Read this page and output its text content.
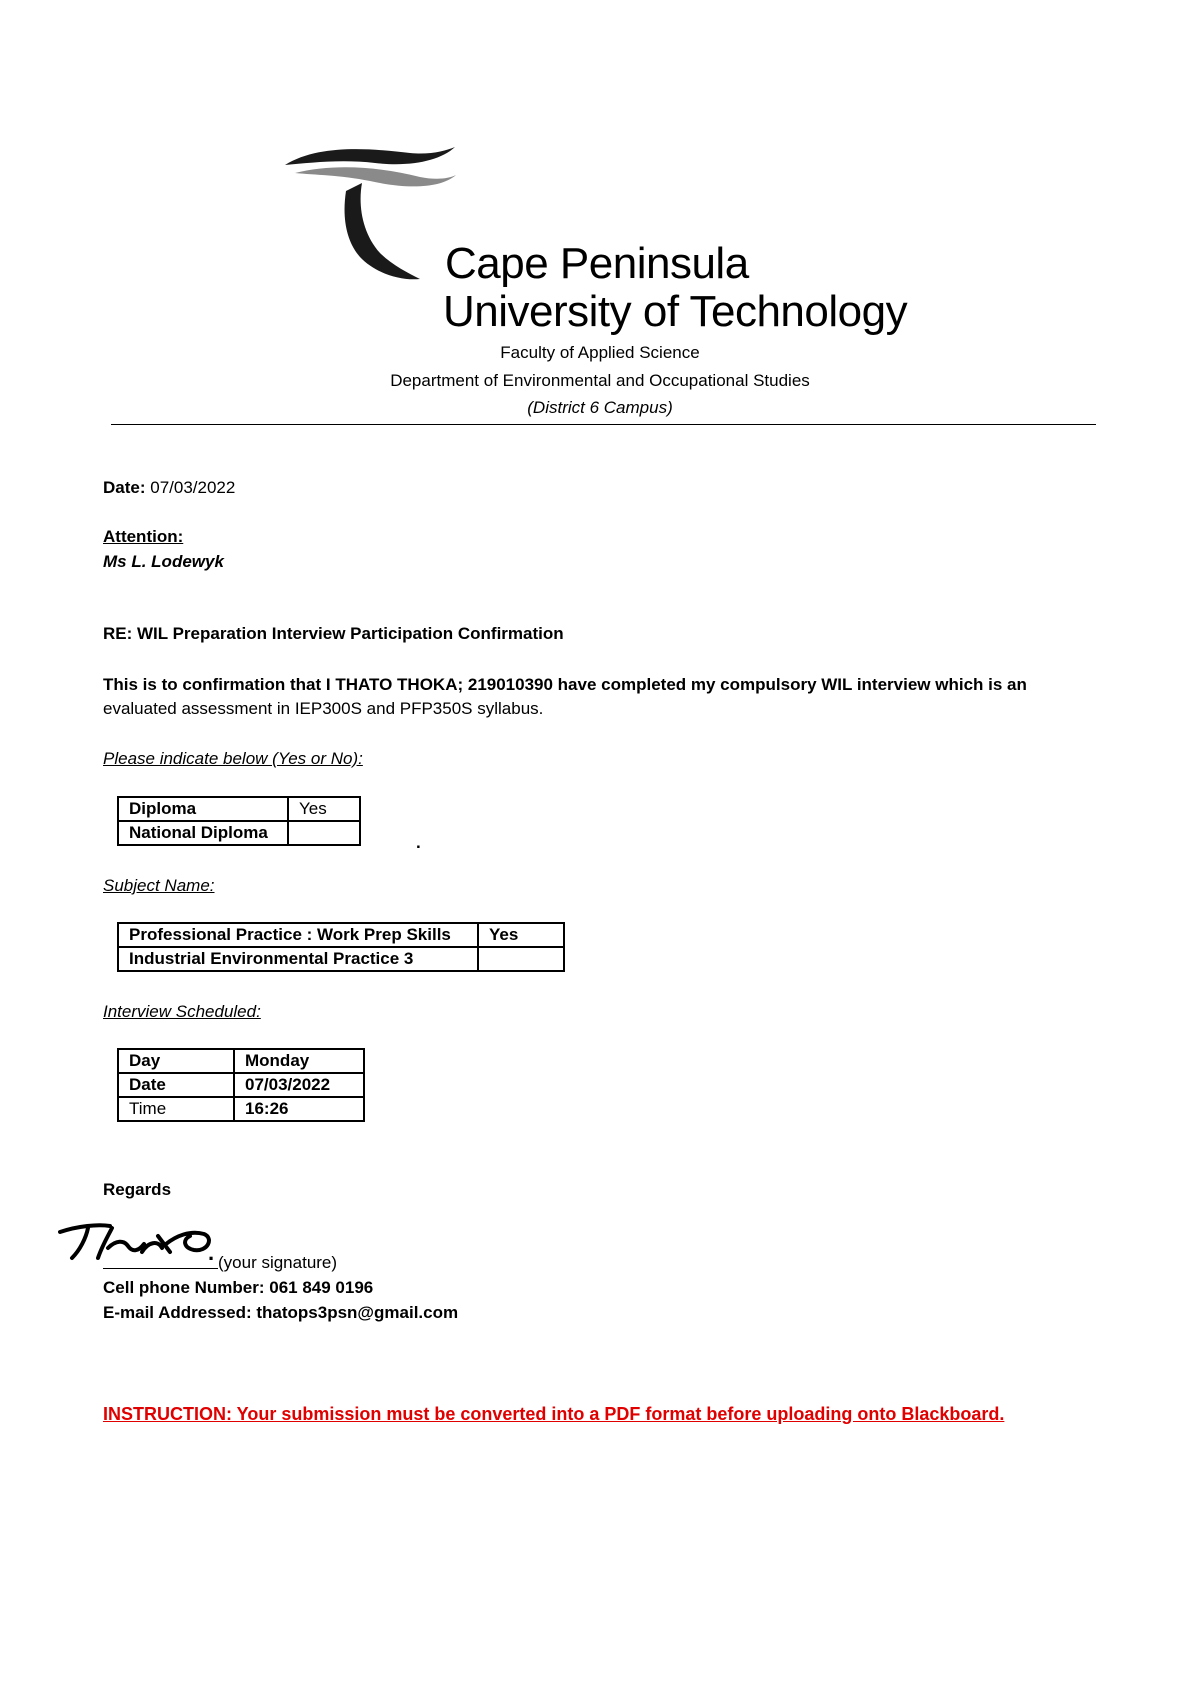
Cape Peninsula
University of Technology
Faculty of Applied Science
Department of Environmental and Occupational Studies
(District 6 Campus)
Date: 07/03/2022
Attention:
Ms L. Lodewyk
RE: WIL Preparation Interview Participation Confirmation
This is to confirmation that I THATO THOKA; 219010390 have completed my compulsory WIL interview which is an
evaluated assessment in IEP300S and PFP350S syllabus.
Please indicate below (Yes or No):
Diploma	Yes
National Diploma	
.
Subject Name:
Professional Practice : Work Prep Skills	Yes
Industrial Environmental Practice 3	
Interview Scheduled:
Day	Monday
Date	07/03/2022
Time	16:26
Regards
.
Thato
(your signature)
Cell phone Number: 061 849 0196
E-mail Addressed: thatops3psn@gmail.com
INSTRUCTION: Your submission must be converted into a PDF format before uploading onto Blackboard.
